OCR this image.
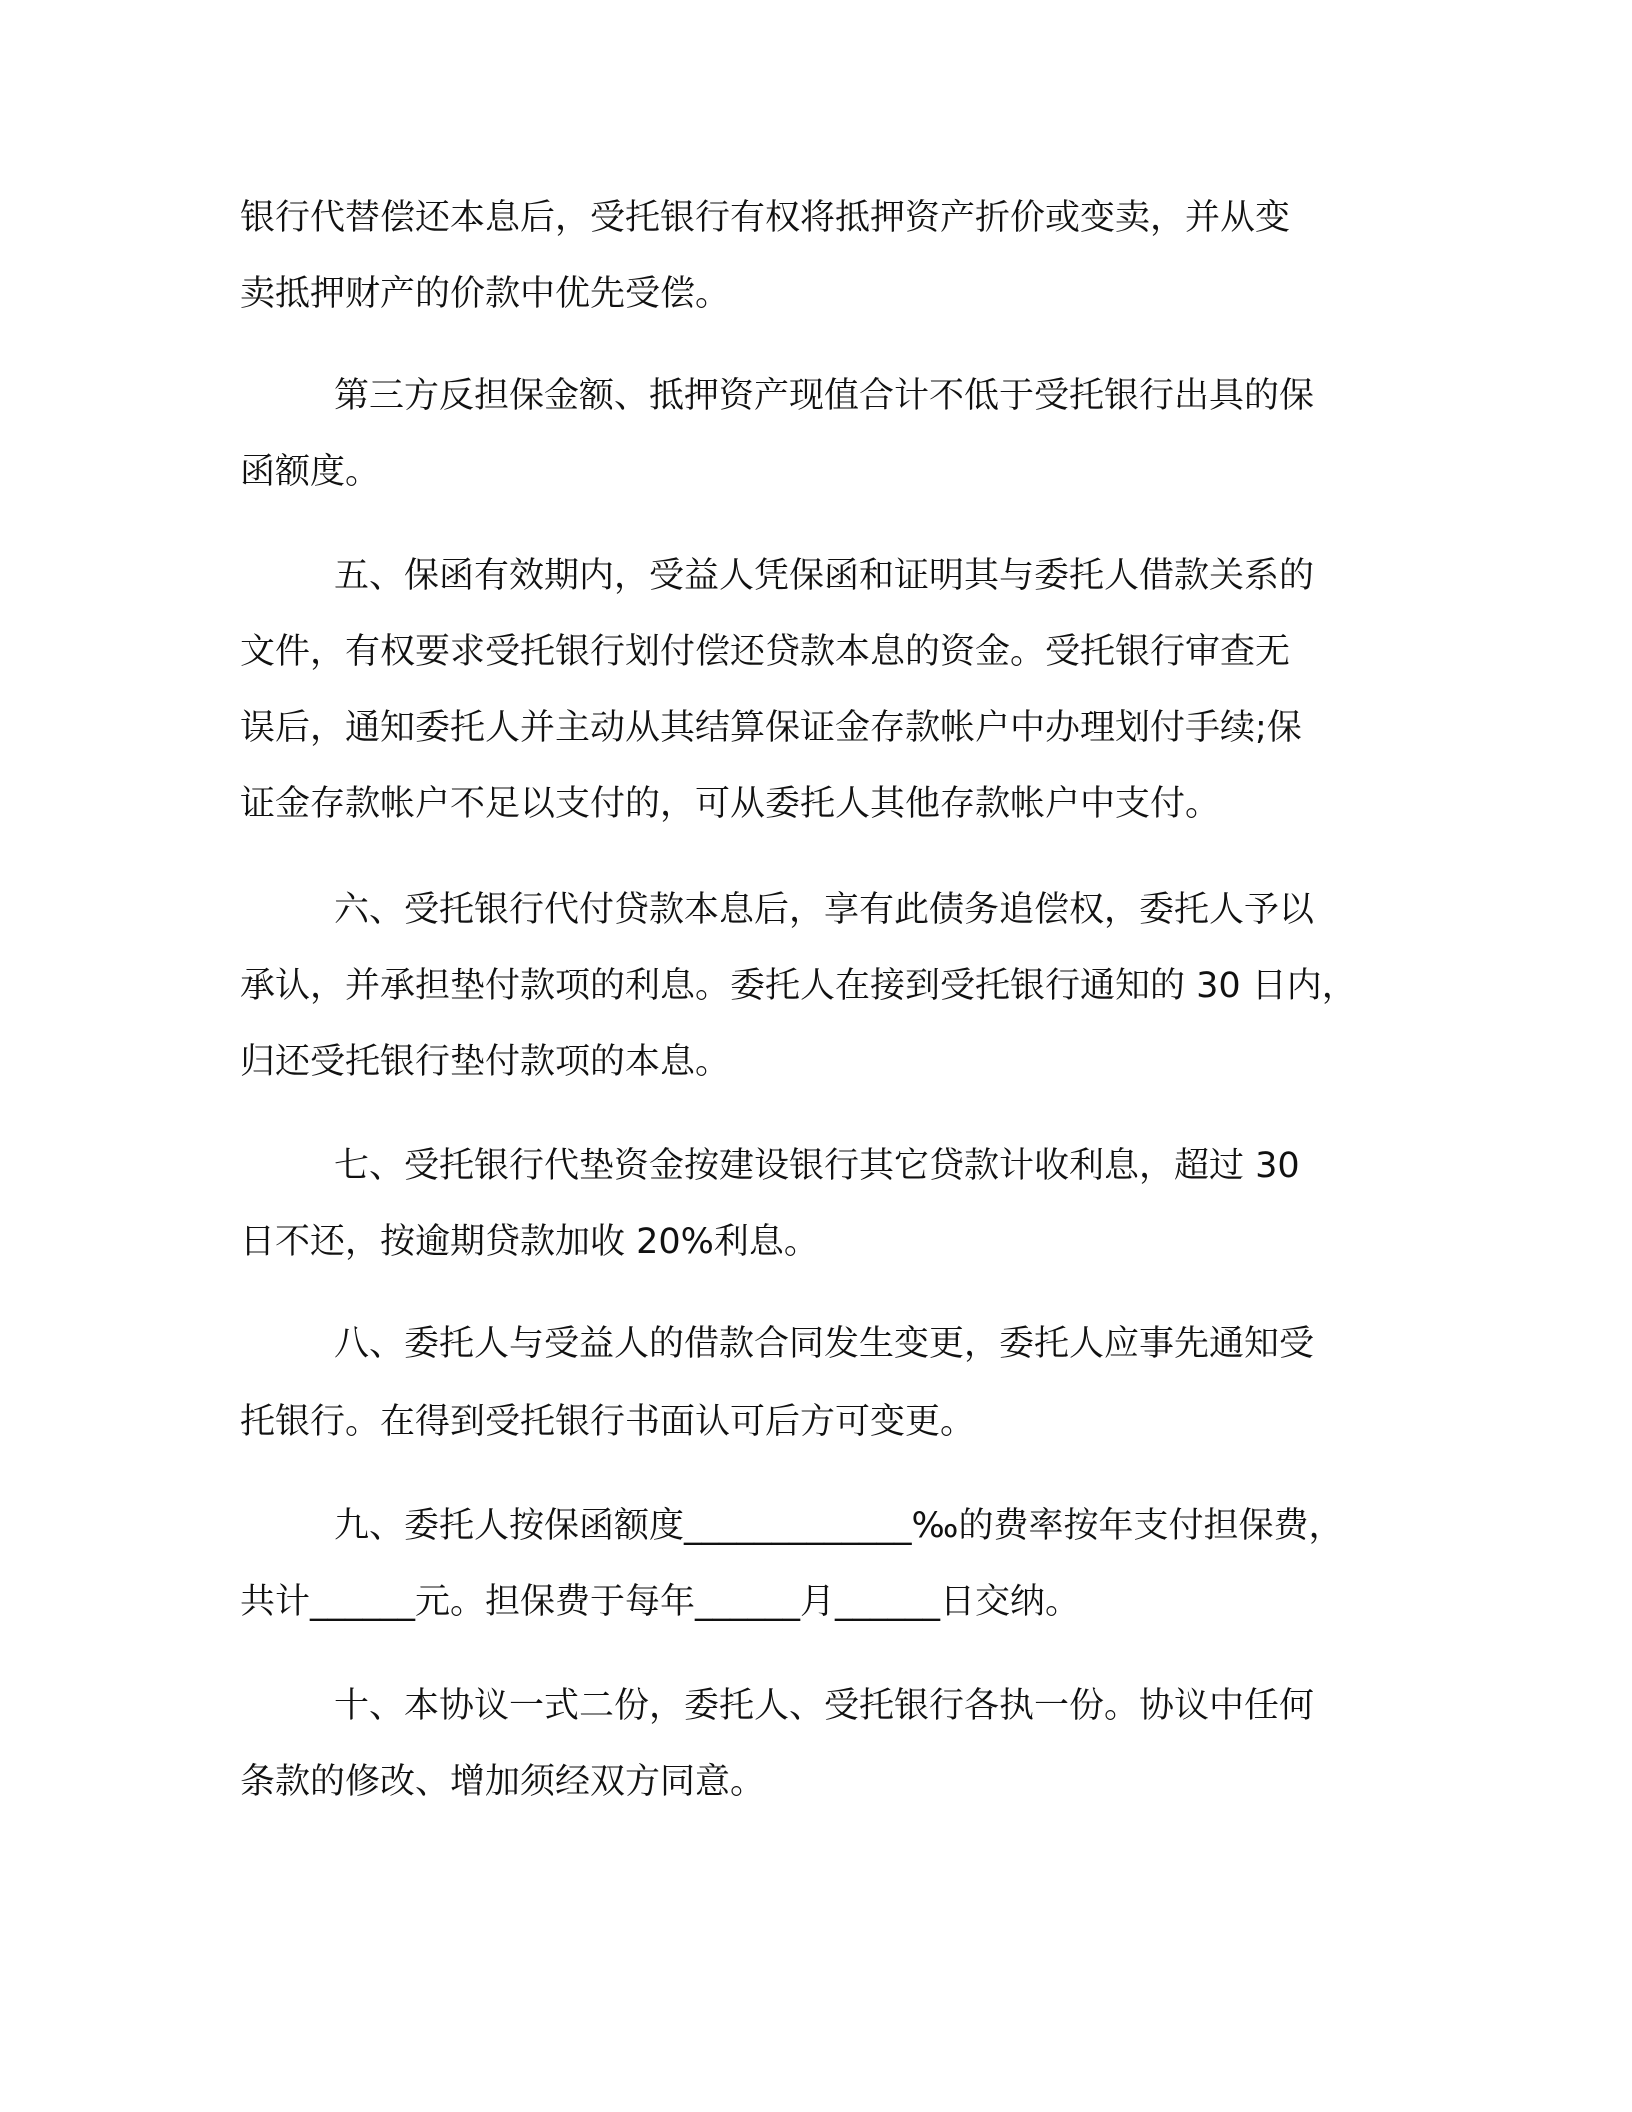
银行代替偿还本息后，受托银行有权将抵押资产折价或变卖，并从变
卖抵押财产的价款中优先受偿。
第三方反担保金额、抵押资产现值合计不低于受托银行出具的保
函额度。
五、保函有效期内，受益人凭保函和证明其与委托人借款关系的
文件，有权要求受托银行划付偿还贷款本息的资金。受托银行审查无
误后，通知委托人并主动从其结算保证金存款帐户中办理划付手续;保
证金存款帐户不足以支付的，可从委托人其他存款帐户中支付。
六、受托银行代付贷款本息后，享有此债务追偿权，委托人予以
承认，并承担垫付款项的利息。委托人在接到受托银行通知的 30 日内，
归还受托银行垫付款项的本息。
七、受托银行代垫资金按建设银行其它贷款计收利息，超过 30
日不还，按逾期贷款加收 20%利息。
八、委托人与受益人的借款合同发生变更，委托人应事先通知受
托银行。在得到受托银行书面认可后方可变更。
九、委托人按保函额度_____________‰的费率按年支付担保费，
共计______元。担保费于每年______月______日交纳。
十、本协议一式二份，委托人、受托银行各执一份。协议中任何
条款的修改、增加须经双方同意。
